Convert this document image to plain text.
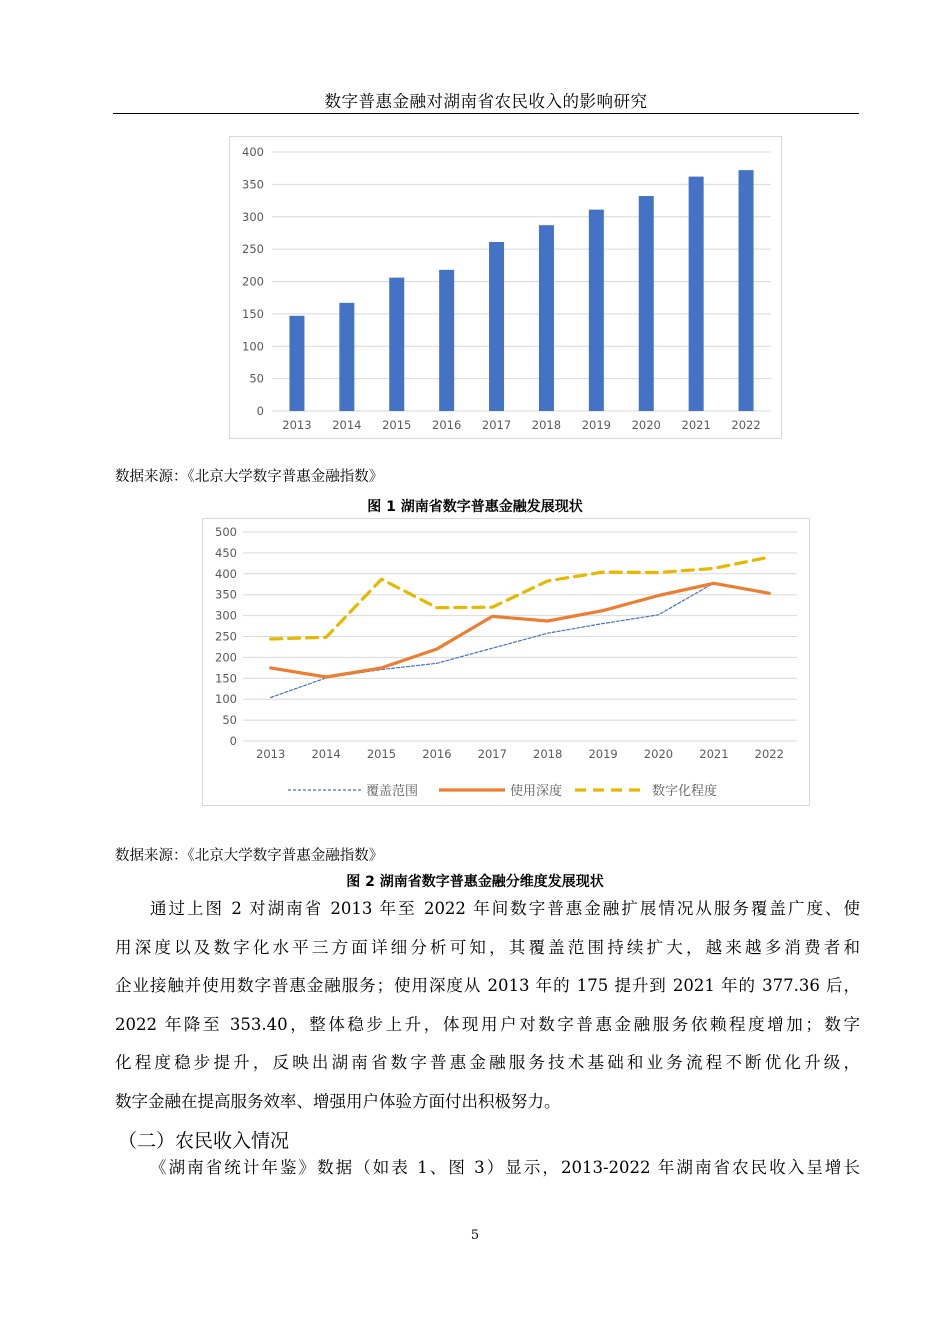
数字普惠金融对湖南省农民收入的影响研究
0
50
100
150
200
250
300
350
400
2013 2014 2015 2016 2017 2018 2019 2020 2021 2022
数据来源：《北京大学数字普惠金融指数》
图 1 湖南省数字普惠金融发展现状
0
50
100
150
200
250
300
350
400
450
500
2013 2014 2015 2016 2017 2018 2019 2020 2021 2022
覆盖范围	使用深度	数字化程度
数据来源：《北京大学数字普惠金融指数》
图 2 湖南省数字普惠金融分维度发展现状
通过上图 2 对湖南省 2013 年至 2022 年间数字普惠金融扩展情况从服务覆盖广度、使
用深度以及数字化水平三方面详细分析可知，其覆盖范围持续扩大，越来越多消费者和
企业接触并使用数字普惠金融服务；使用深度从 2013 年的 175 提升到 2021 年的 377.36 后，
2022 年降至 353.40，整体稳步上升，体现用户对数字普惠金融服务依赖程度增加；数字
化程度稳步提升，反映出湖南省数字普惠金融服务技术基础和业务流程不断优化升级，
数字金融在提高服务效率、增强用户体验方面付出积极努力。
（二）农民收入情况
《湖南省统计年鉴》数据（如表 1、图 3）显示，2013-2022 年湖南省农民收入呈增长
5
